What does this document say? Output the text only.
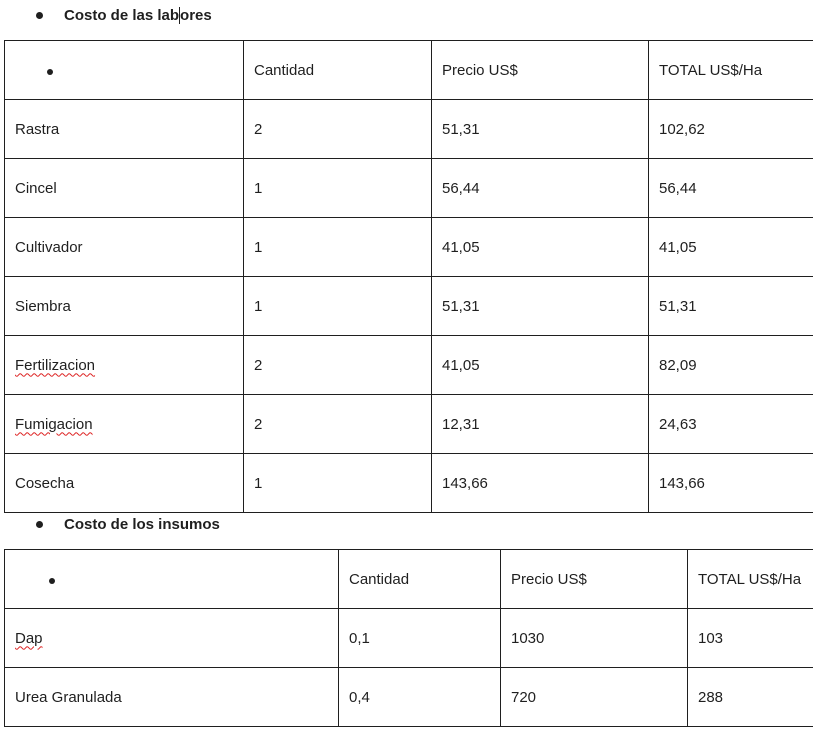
Costo de las lab ores
	Cantidad	Precio US$	TOTAL US$/Ha
Rastra	2	51,31	102,62
Cincel	1	56,44	56,44
Cultivador	1	41,05	41,05
Siembra	1	51,31	51,31
Fertilizacion	2	41,05	82,09
Fumigacion	2	12,31	24,63
Cosecha	1	143,66	143,66
Costo de los insumos
	Cantidad	Precio US$	TOTAL US$/Ha
Dap	0,1	1030	103
Urea Granulada	0,4	720	288
